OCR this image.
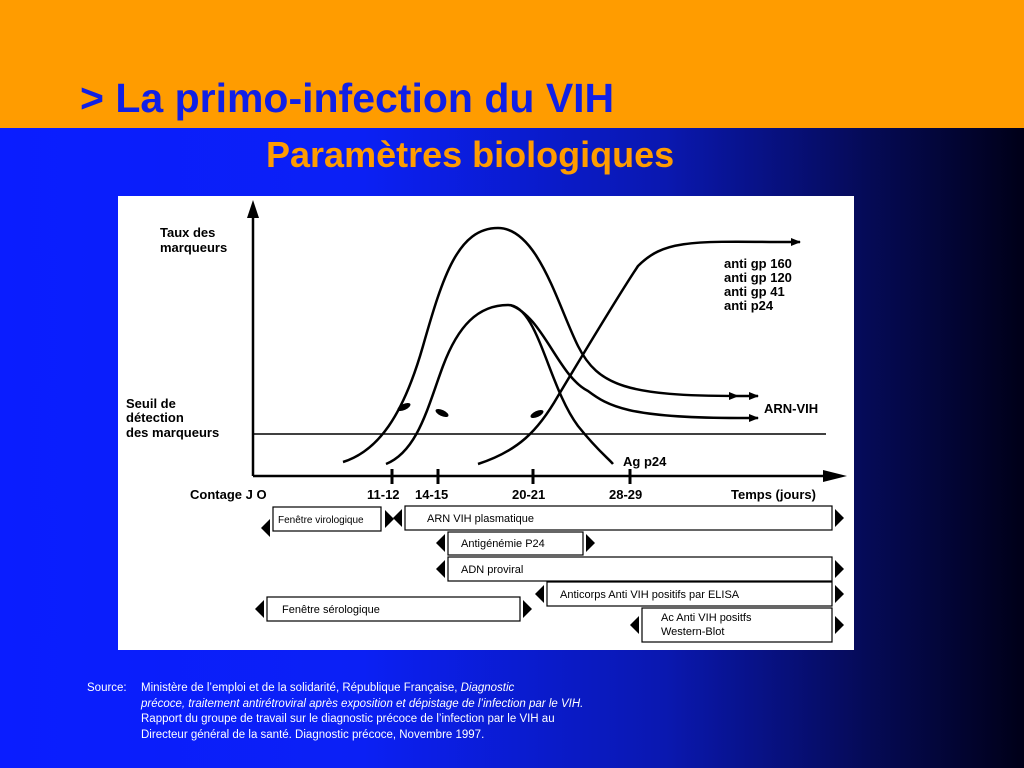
> La primo-infection du VIH
Paramètres biologiques
Taux des marqueurs
Seuil de détection des marqueurs
anti gp 160 anti gp 120 anti gp 41 anti p24
ARN-VIH
Ag p24
Contage J O	11-12 14-15	20-21	28-29	Temps (jours)
Fenêtre virologique	ARN VIH plasmatique
Antigénémie P24
ADN proviral
Anticorps Anti VIH positifs par ELISA
Fenêtre sérologique
Ac Anti VIH positfs Western-Blot
Source: Ministère de l’emploi et de la solidarité, République Française, Diagnostic
précoce, traitement antirétroviral après exposition et dépistage de l’infection par le VIH.
Rapport du groupe de travail sur le diagnostic précoce de l’infection par le VIH au
Directeur général de la santé. Diagnostic précoce, Novembre 1997.
